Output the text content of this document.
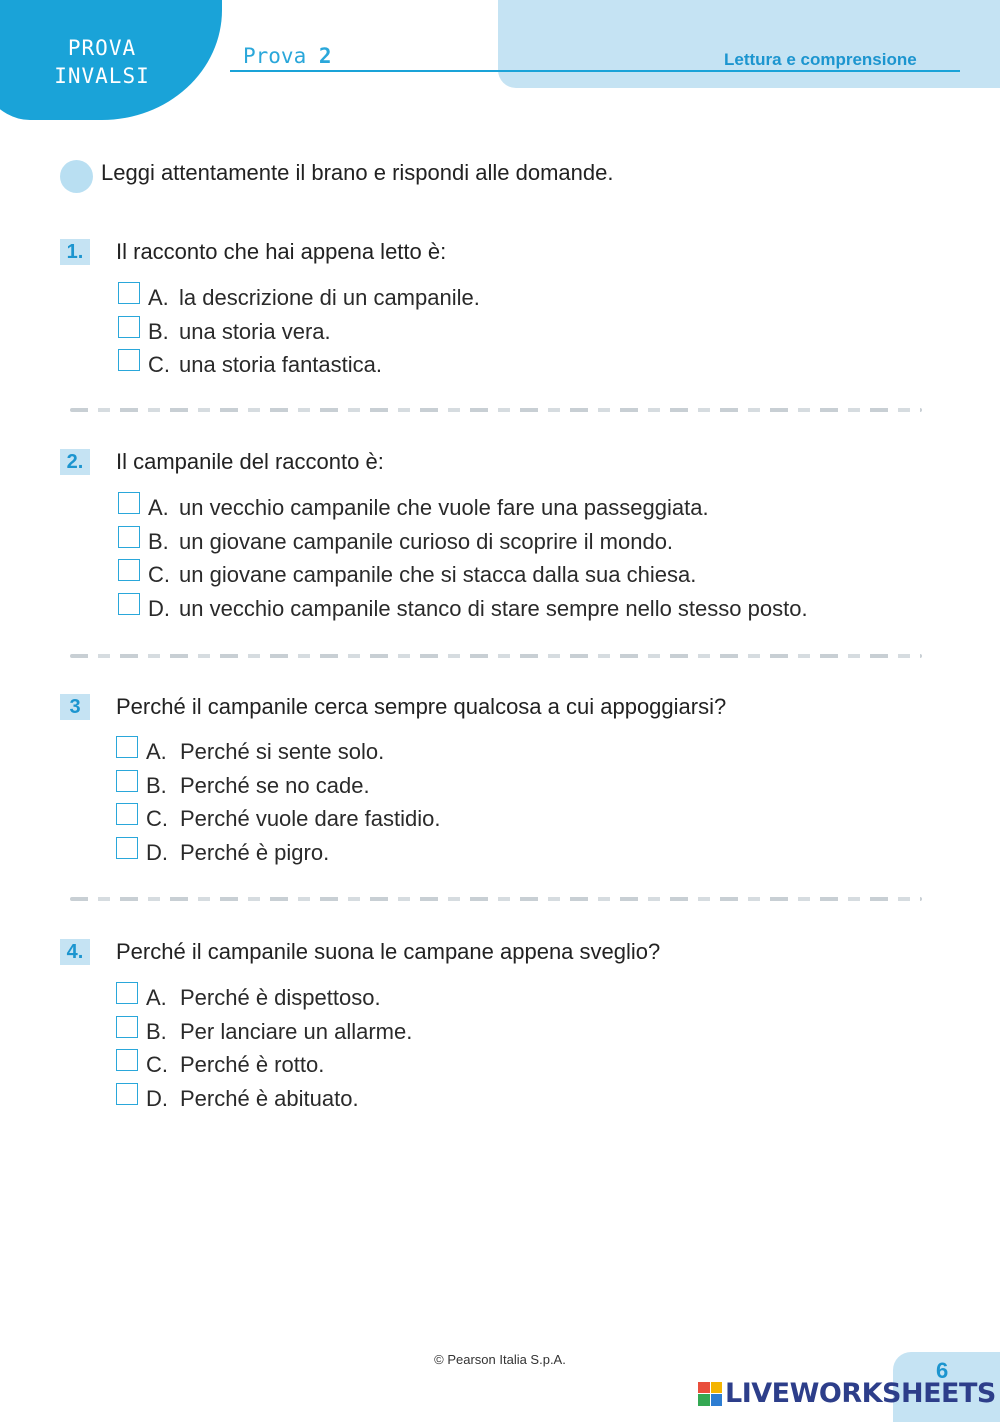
PROVA
INVALSI
Prova 2	Lettura e comprensione
Leggi attentamente il brano e rispondi alle domande.
1.	Il racconto che hai appena letto è:
A. la descrizione di un campanile.
B. una storia vera.
C. una storia fantastica.
2.	Il campanile del racconto è:
A. un vecchio campanile che vuole fare una passeggiata.
B. un giovane campanile curioso di scoprire il mondo.
C. un giovane campanile che si stacca dalla sua chiesa.
D. un vecchio campanile stanco di stare sempre nello stesso posto.
3	Perché il campanile cerca sempre qualcosa a cui appoggiarsi?
A. Perché si sente solo.
B. Perché se no cade.
C. Perché vuole dare fastidio.
D. Perché è pigro.
4.	Perché il campanile suona le campane appena sveglio?
A. Perché è dispettoso.
B. Per lanciare un allarme.
C. Perché è rotto.
D. Perché è abituato.
© Pearson Italia S.p.A.	6
LIVEWORKSHEETS
